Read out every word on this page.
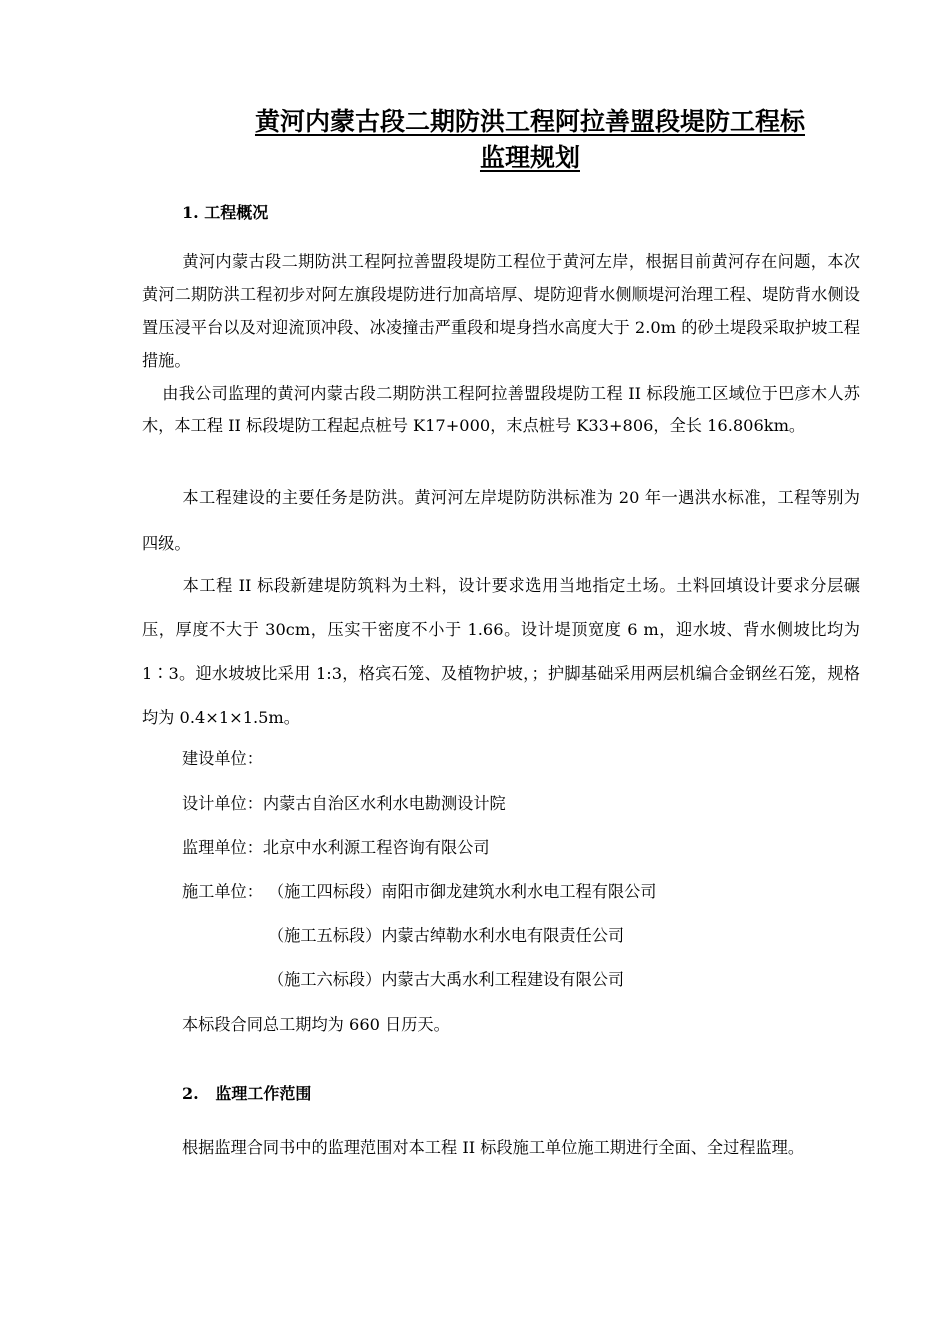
黄河内蒙古段二期防洪工程阿拉善盟段堤防工程标
监理规划
1. 工程概况
黄河内蒙古段二期防洪工程阿拉善盟段堤防工程位于黄河左岸，根据目前黄河存在问题，本次黄河二期防洪工程初步对阿左旗段堤防进行加高培厚、堤防迎背水侧顺堤河治理工程、堤防背水侧设置压浸平台以及对迎流顶冲段、冰凌撞击严重段和堤身挡水高度大于 2.0m 的砂土堤段采取护坡工程措施。
由我公司监理的黄河内蒙古段二期防洪工程阿拉善盟段堤防工程 II 标段施工区域位于巴彦木人苏木，本工程 II 标段堤防工程起点桩号 K17+000，末点桩号 K33+806，全长 16.806km。
本工程建设的主要任务是防洪。黄河河左岸堤防防洪标准为 20 年一遇洪水标准，工程等别为四级。
本工程 II 标段新建堤防筑料为土料，设计要求选用当地指定土场。土料回填设计要求分层碾压，厚度不大于 30cm，压实干密度不小于 1.66。设计堤顶宽度 6 m，迎水坡、背水侧坡比均为 1∶3。迎水坡坡比采用 1:3，格宾石笼、及植物护坡，；护脚基础采用两层机编合金钢丝石笼，规格均为 0.4×1×1.5m。
建设单位：
设计单位：内蒙古自治区水利水电勘测设计院
监理单位：北京中水利源工程咨询有限公司
施工单位： （施工四标段）南阳市御龙建筑水利水电工程有限公司
（施工五标段）内蒙古绰勒水利水电有限责任公司
（施工六标段）内蒙古大禹水利工程建设有限公司
本标段合同总工期均为 660 日历天。
2.   监理工作范围
根据监理合同书中的监理范围对本工程 II 标段施工单位施工期进行全面、全过程监理。
